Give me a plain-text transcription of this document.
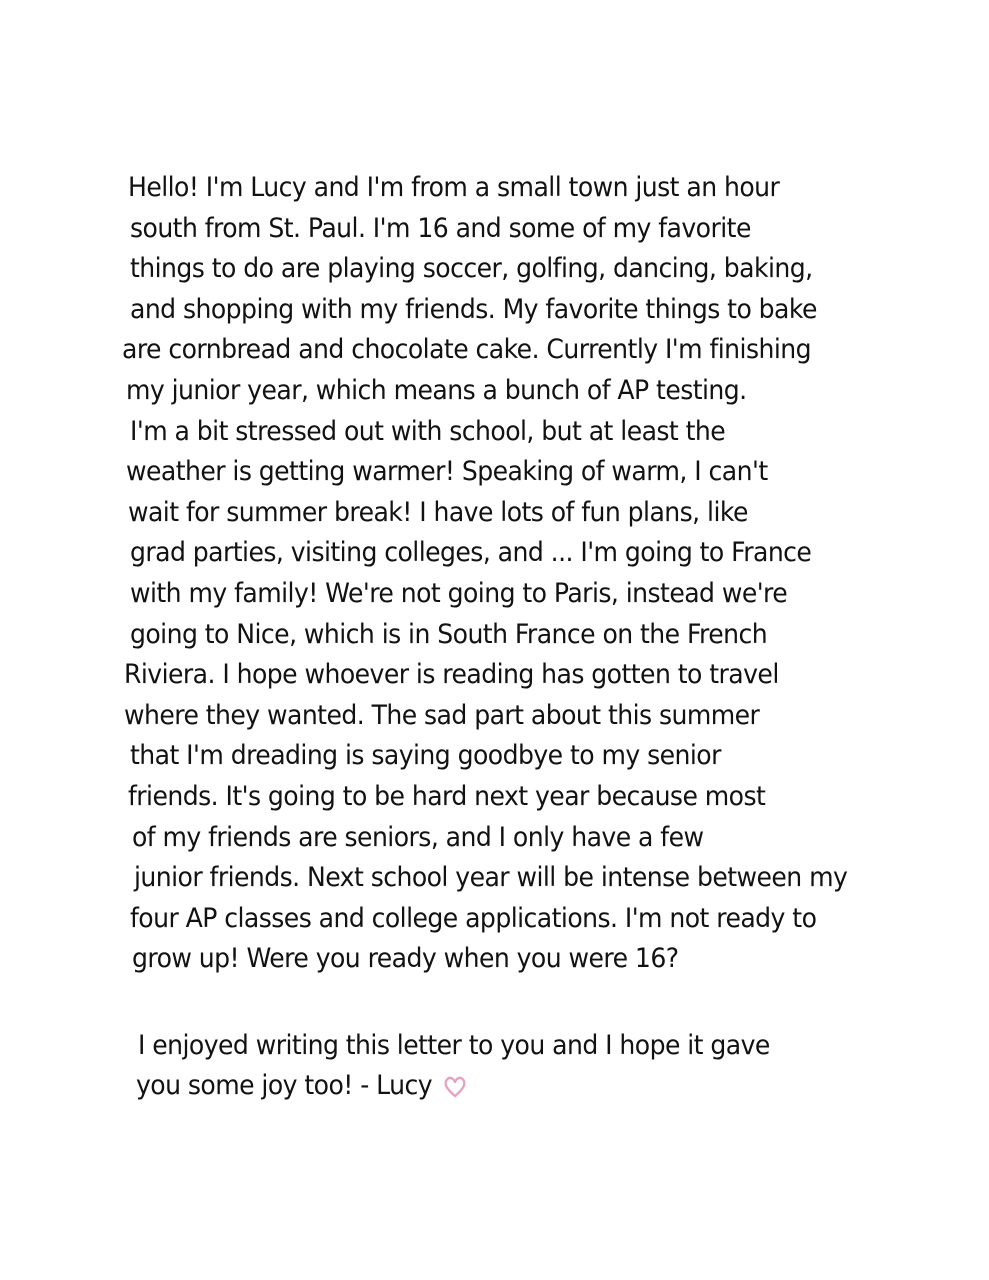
Hello! I'm Lucy and I'm from a small town just an hour
south from St. Paul. I'm 16 and some of my favorite
things to do are playing soccer, golfing, dancing, baking,
and shopping with my friends. My favorite things to bake
are cornbread and chocolate cake. Currently I'm finishing
my junior year, which means a bunch of AP testing.
I'm a bit stressed out with school, but at least the
weather is getting warmer! Speaking of warm, I can't
wait for summer break! I have lots of fun plans, like
grad parties, visiting colleges, and ... I'm going to France
with my family! We're not going to Paris, instead we're
going to Nice, which is in South France on the French
Riviera. I hope whoever is reading has gotten to travel
where they wanted. The sad part about this summer
that I'm dreading is saying goodbye to my senior
friends. It's going to be hard next year because most
of my friends are seniors, and I only have a few
junior friends. Next school year will be intense between my
four AP classes and college applications. I'm not ready to
grow up! Were you ready when you were 16?
I enjoyed writing this letter to you and I hope it gave
you some joy too! - Lucy
